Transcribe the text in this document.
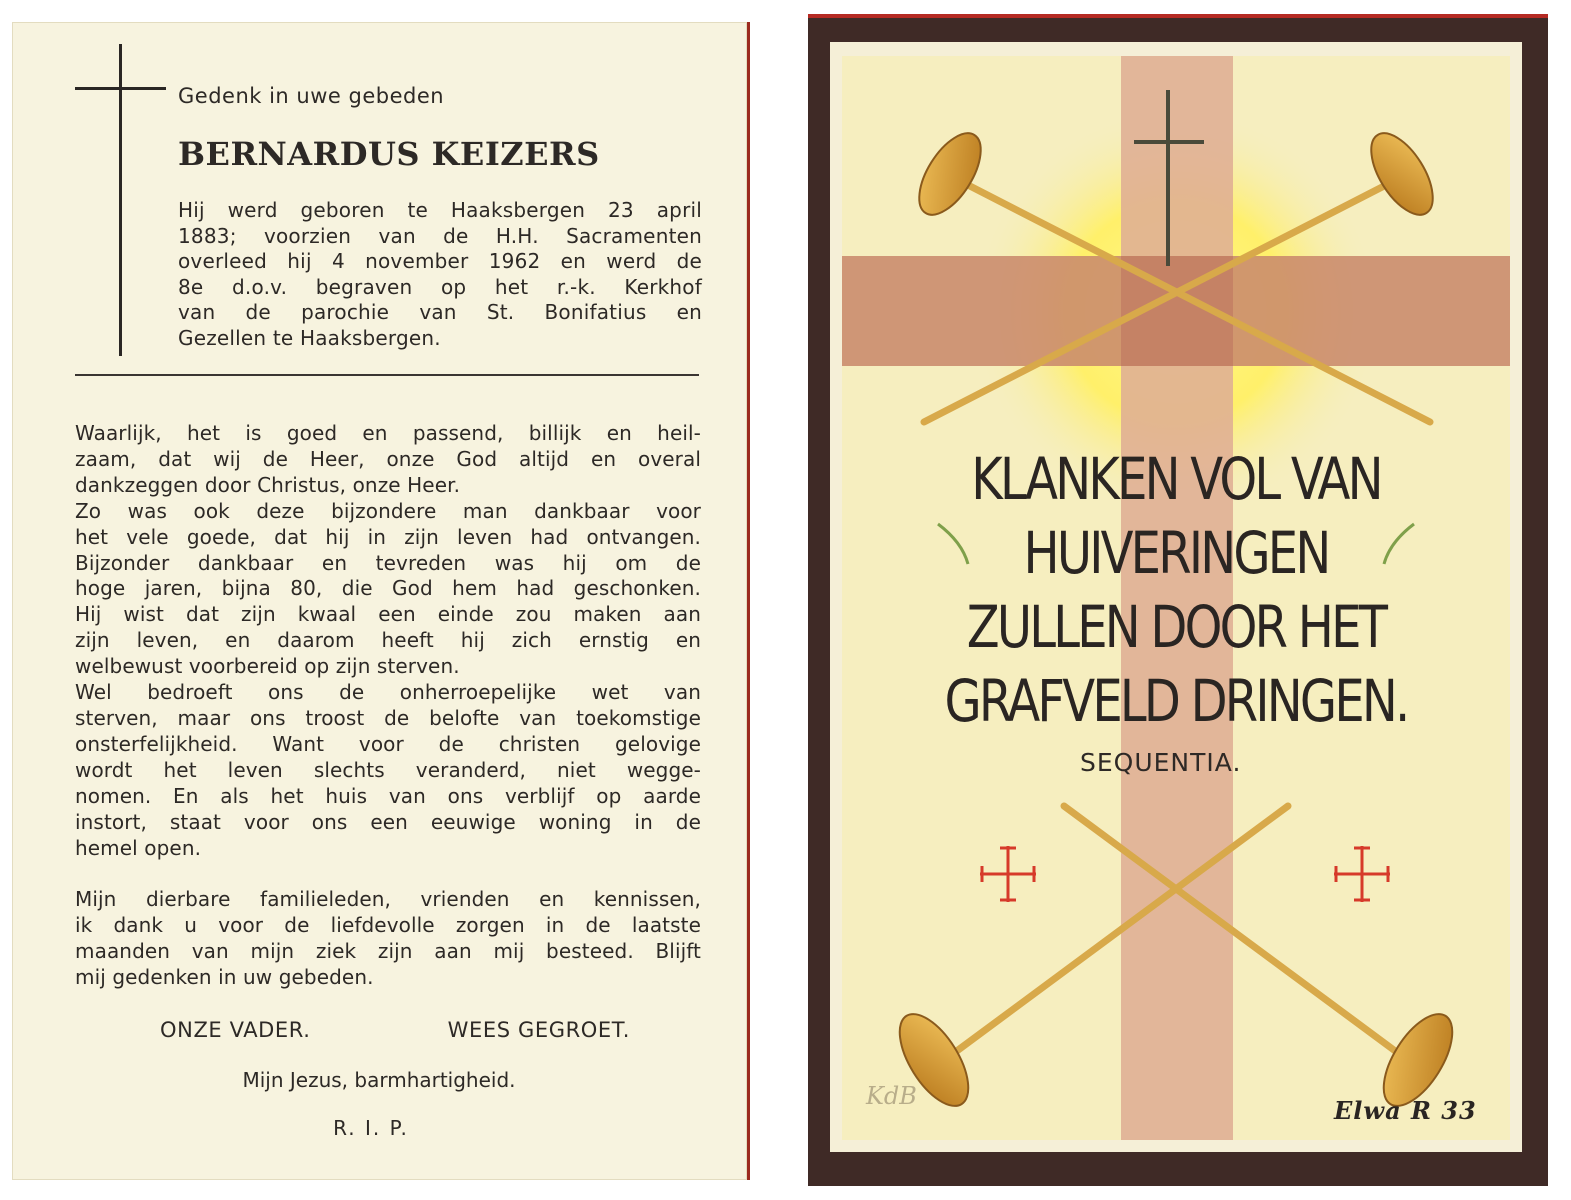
Gedenk in uwe gebeden
BERNARDUS KEIZERS
Hij werd geboren te Haaksbergen 23 april
1883; voorzien van de H.H. Sacramenten
overleed hij 4 november 1962 en werd de
8e d.o.v. begraven op het r.-k. Kerkhof
van de parochie van St. Bonifatius en
Gezellen te Haaksbergen.
Waarlijk, het is goed en passend, billijk en heil-
zaam, dat wij de Heer, onze God altijd en overal
dankzeggen door Christus, onze Heer.
Zo was ook deze bijzondere man dankbaar voor
het vele goede, dat hij in zijn leven had ontvangen.
Bijzonder dankbaar en tevreden was hij om de
hoge jaren, bijna 80, die God hem had geschonken.
Hij wist dat zijn kwaal een einde zou maken aan
zijn leven, en daarom heeft hij zich ernstig en
welbewust voorbereid op zijn sterven.
Wel bedroeft ons de onherroepelijke wet van
sterven, maar ons troost de belofte van toekomstige
onsterfelijkheid. Want voor de christen gelovige
wordt het leven slechts veranderd, niet wegge-
nomen. En als het huis van ons verblijf op aarde
instort, staat voor ons een eeuwige woning in de
hemel open.
Mijn dierbare familieleden, vrienden en kennissen,
ik dank u voor de liefdevolle zorgen in de laatste
maanden van mijn ziek zijn aan mij besteed. Blijft
mij gedenken in uw gebeden.
ONZE VADER.	WEES GEGROET.
Mijn Jezus, barmhartigheid.
R. I. P.
KLANKEN VOL VAN
HUIVERINGEN
ZULLEN DOOR HET
GRAFVELD DRINGEN.
SEQUENTIA.
KdB	Elwa R 33
